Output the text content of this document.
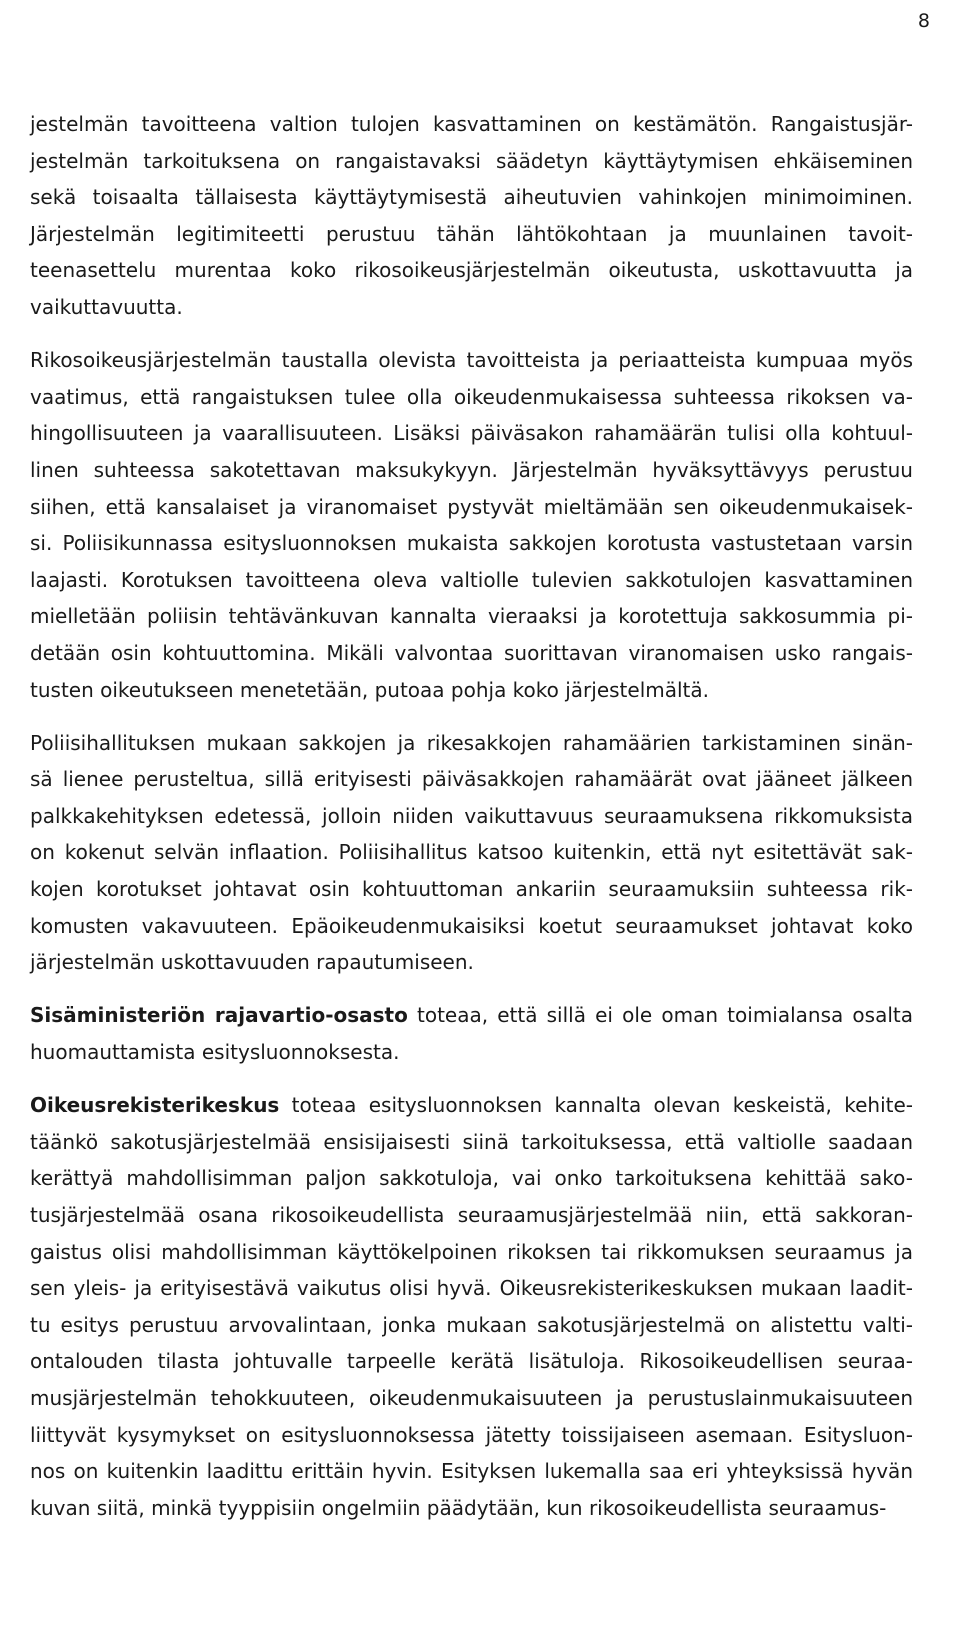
8
jestelmän tavoitteena valtion tulojen kasvattaminen on kestämätön. Rangaistusjär-
jestelmän tarkoituksena on rangaistavaksi säädetyn käyttäytymisen ehkäiseminen
sekä toisaalta tällaisesta käyttäytymisestä aiheutuvien vahinkojen minimoiminen.
Järjestelmän legitimiteetti perustuu tähän lähtökohtaan ja muunlainen tavoit-
teenasettelu murentaa koko rikosoikeusjärjestelmän oikeutusta, uskottavuutta ja
vaikuttavuutta.
Rikosoikeusjärjestelmän taustalla olevista tavoitteista ja periaatteista kumpuaa myös
vaatimus, että rangaistuksen tulee olla oikeudenmukaisessa suhteessa rikoksen va-
hingollisuuteen ja vaarallisuuteen. Lisäksi päiväsakon rahamäärän tulisi olla kohtuul-
linen suhteessa sakotettavan maksukykyyn. Järjestelmän hyväksyttävyys perustuu
siihen, että kansalaiset ja viranomaiset pystyvät mieltämään sen oikeudenmukaisek-
si. Poliisikunnassa esitysluonnoksen mukaista sakkojen korotusta vastustetaan varsin
laajasti. Korotuksen tavoitteena oleva valtiolle tulevien sakkotulojen kasvattaminen
mielletään poliisin tehtävänkuvan kannalta vieraaksi ja korotettuja sakkosummia pi-
detään osin kohtuuttomina. Mikäli valvontaa suorittavan viranomaisen usko rangais-
tusten oikeutukseen menetetään, putoaa pohja koko järjestelmältä.
Poliisihallituksen mukaan sakkojen ja rikesakkojen rahamäärien tarkistaminen sinän-
sä lienee perusteltua, sillä erityisesti päiväsakkojen rahamäärät ovat jääneet jälkeen
palkkakehityksen edetessä, jolloin niiden vaikuttavuus seuraamuksena rikkomuksista
on kokenut selvän inflaation. Poliisihallitus katsoo kuitenkin, että nyt esitettävät sak-
kojen korotukset johtavat osin kohtuuttoman ankariin seuraamuksiin suhteessa rik-
komusten vakavuuteen. Epäoikeudenmukaisiksi koetut seuraamukset johtavat koko
järjestelmän uskottavuuden rapautumiseen.
Sisäministeriön rajavartio-osasto toteaa, että sillä ei ole oman toimialansa osalta
huomauttamista esitysluonnoksesta.
Oikeusrekisterikeskus toteaa esitysluonnoksen kannalta olevan keskeistä, kehite-
täänkö sakotusjärjestelmää ensisijaisesti siinä tarkoituksessa, että valtiolle saadaan
kerättyä mahdollisimman paljon sakkotuloja, vai onko tarkoituksena kehittää sako-
tusjärjestelmää osana rikosoikeudellista seuraamusjärjestelmää niin, että sakkoran-
gaistus olisi mahdollisimman käyttökelpoinen rikoksen tai rikkomuksen seuraamus ja
sen yleis- ja erityisestävä vaikutus olisi hyvä. Oikeusrekisterikeskuksen mukaan laadit-
tu esitys perustuu arvovalintaan, jonka mukaan sakotusjärjestelmä on alistettu valti-
ontalouden tilasta johtuvalle tarpeelle kerätä lisätuloja. Rikosoikeudellisen seuraa-
musjärjestelmän tehokkuuteen, oikeudenmukaisuuteen ja perustuslainmukaisuuteen
liittyvät kysymykset on esitysluonnoksessa jätetty toissijaiseen asemaan. Esitysluon-
nos on kuitenkin laadittu erittäin hyvin. Esityksen lukemalla saa eri yhteyksissä hyvän
kuvan siitä, minkä tyyppisiin ongelmiin päädytään, kun rikosoikeudellista seuraamus-
